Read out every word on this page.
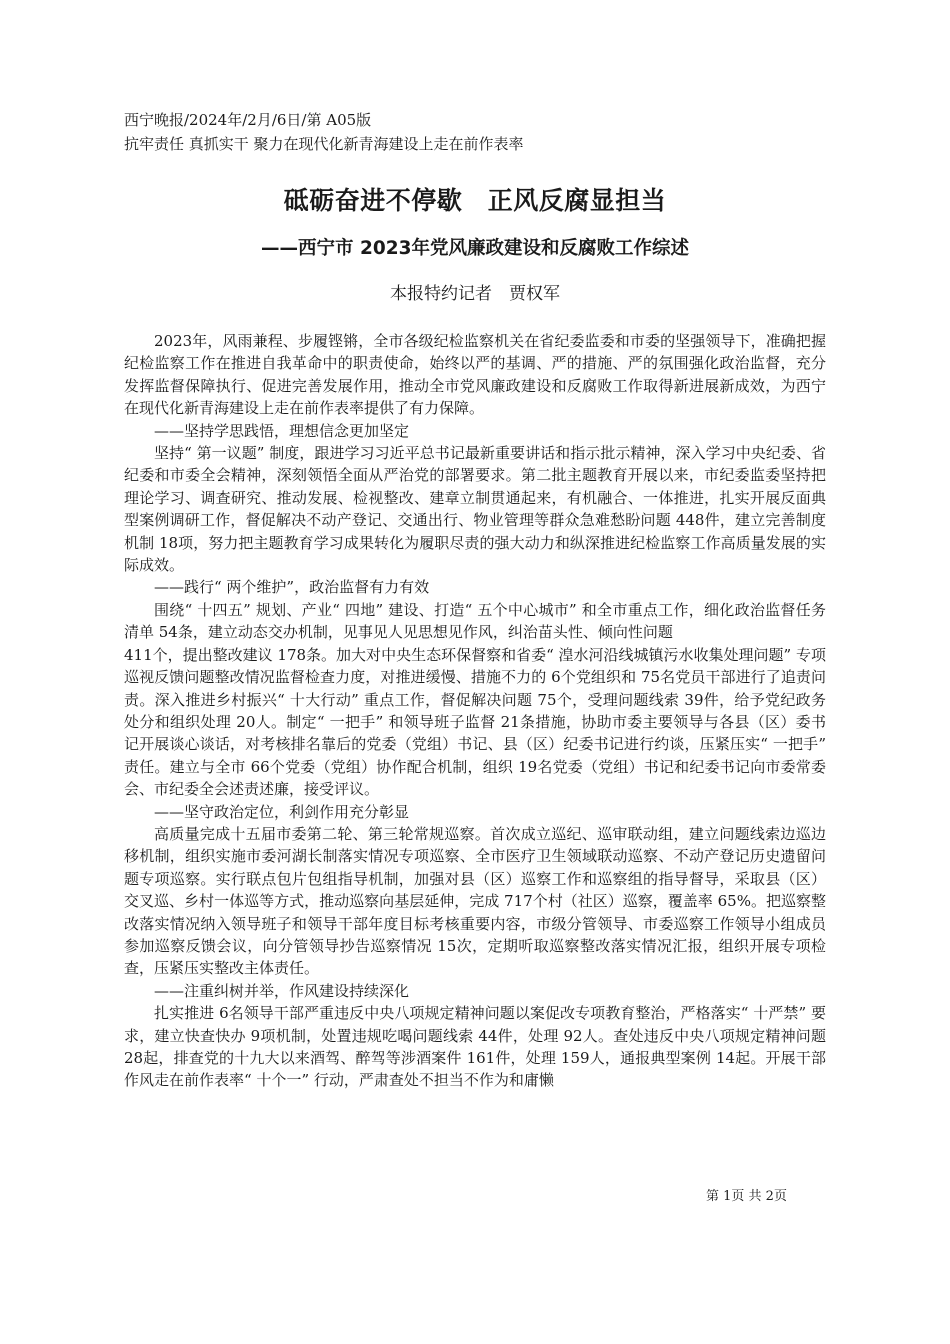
西宁晚报/2024年/2月/6日/第 A05版
抗牢责任 真抓实干 聚力在现代化新青海建设上走在前作表率
砥砺奋进不停歇　正风反腐显担当
——西宁市 2023年党风廉政建设和反腐败工作综述
本报特约记者　贾权军

2023年，风雨兼程、步履铿锵，全市各级纪检监察机关在省纪委监委和市委的坚强领导下，准确把握纪检监察工作在推进自我革命中的职责使命，始终以严的基调、严的措施、严的氛围强化政治监督，充分发挥监督保障执行、促进完善发展作用，推动全市党风廉政建设和反腐败工作取得新进展新成效，为西宁在现代化新青海建设上走在前作表率提供了有力保障。

——坚持学思践悟，理想信念更加坚定

坚持“ 第一议题” 制度，跟进学习习近平总书记最新重要讲话和指示批示精神，深入学习中央纪委、省纪委和市委全会精神，深刻领悟全面从严治党的部署要求。第二批主题教育开展以来，市纪委监委坚持把理论学习、调查研究、推动发展、检视整改、建章立制贯通起来，有机融合、一体推进，扎实开展反面典型案例调研工作，督促解决不动产登记、交通出行、物业管理等群众急难愁盼问题 448件，建立完善制度机制 18项，努力把主题教育学习成果转化为履职尽责的强大动力和纵深推进纪检监察工作高质量发展的实际成效。

——践行“ 两个维护”，政治监督有力有效

围绕“ 十四五” 规划、产业“ 四地” 建设、打造“ 五个中心城市” 和全市重点工作，细化政治监督任务清单 54条，建立动态交办机制，见事见人见思想见作风，纠治苗头性、倾向性问题

411个，提出整改建议 178条。加大对中央生态环保督察和省委“ 湟水河沿线城镇污水收集处理问题” 专项巡视反馈问题整改情况监督检查力度，对推进缓慢、措施不力的 6个党组织和 75名党员干部进行了追责问责。深入推进乡村振兴“ 十大行动” 重点工作，督促解决问题 75个，受理问题线索 39件，给予党纪政务处分和组织处理 20人。制定“ 一把手” 和领导班子监督 21条措施，协助市委主要领导与各县（区）委书记开展谈心谈话，对考核排名靠后的党委（党组）书记、县（区）纪委书记进行约谈，压紧压实“ 一把手” 责任。建立与全市 66个党委（党组）协作配合机制，组织 19名党委（党组）书记和纪委书记向市委常委会、市纪委全会述责述廉，接受评议。

——坚守政治定位，利剑作用充分彰显

高质量完成十五届市委第二轮、第三轮常规巡察。首次成立巡纪、巡审联动组，建立问题线索边巡边移机制，组织实施市委河湖长制落实情况专项巡察、全市医疗卫生领域联动巡察、不动产登记历史遗留问题专项巡察。实行联点包片包组指导机制，加强对县（区）巡察工作和巡察组的指导督导，采取县（区）交叉巡、乡村一体巡等方式，推动巡察向基层延伸，完成 717个村（社区）巡察，覆盖率 65%。把巡察整改落实情况纳入领导班子和领导干部年度目标考核重要内容，市级分管领导、市委巡察工作领导小组成员参加巡察反馈会议，向分管领导抄告巡察情况 15次，定期听取巡察整改落实情况汇报，组织开展专项检查，压紧压实整改主体责任。

——注重纠树并举，作风建设持续深化

扎实推进 6名领导干部严重违反中央八项规定精神问题以案促改专项教育整治，严格落实“ 十严禁” 要求，建立快查快办 9项机制，处置违规吃喝问题线索 44件，处理 92人。查处违反中央八项规定精神问题 28起，排查党的十九大以来酒驾、醉驾等涉酒案件 161件，处理 159人，通报典型案例 14起。开展干部作风走在前作表率“ 十个一” 行动，严肃查处不担当不作为和庸懒

第 1页 共 2页
